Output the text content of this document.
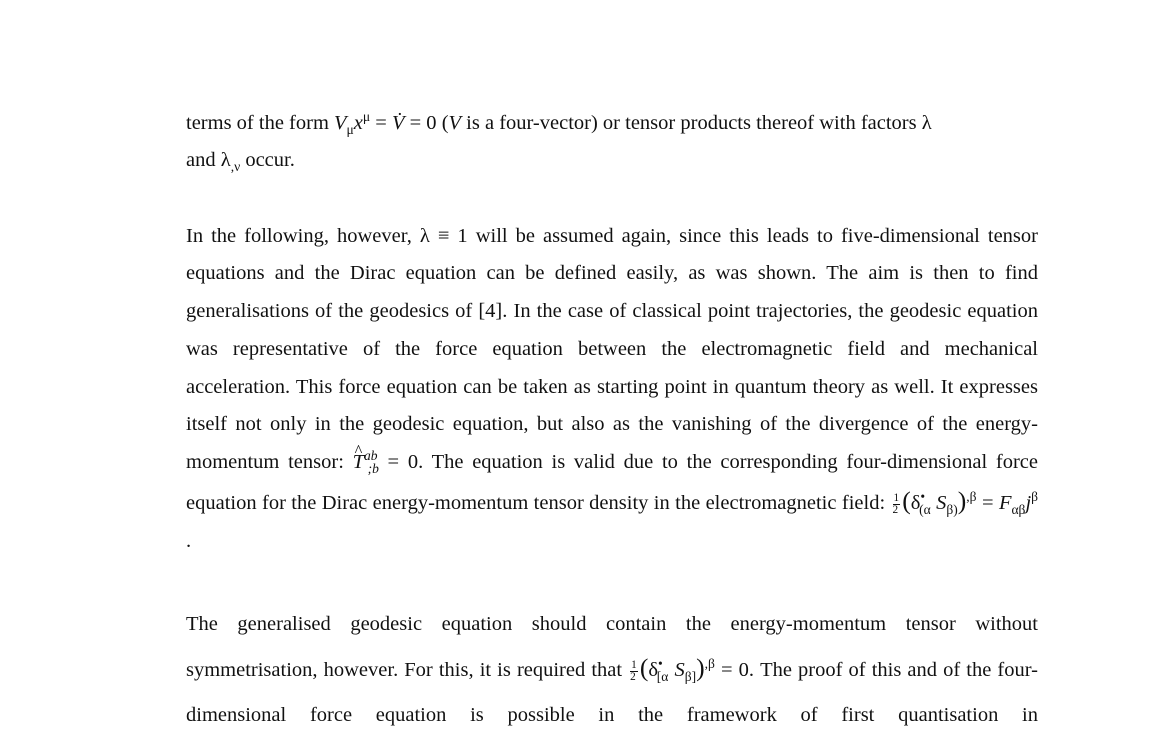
terms of the form $V_\mu x^\mu$ = V̇ = 0 (V is a four-vector) or tensor products thereof with factors λ
and $\lambda_{,\nu}$ occur.

In the following, however, λ ≡ 1 will be assumed again, since this leads to five-dimensional tensor equations and the Dirac equation can be defined easily, as was shown. The aim is then to find generalisations of the geodesics of [4]. In the case of classical point trajectories, the geodesic equation was representative of the force equation between the electromagnetic field and mechanical acceleration. This force equation can be taken as starting point in quantum theory as well. It expresses itself not only in the geodesic equation, but also as the vanishing of the divergence of the energy-momentum tensor: ^ $T^{ab}_{;b} = 0$. The equation is valid due to the corresponding four-dimensional force equation for the Dirac energy-momentum tensor density in the electromagnetic field: $\frac{1}{2} (\delta^•_{(\alpha}$ $S_{\beta)})^{,\beta} = F_{\alpha\beta}j^\beta$ .

The generalised geodesic equation should contain the energy-momentum tensor without symmetrisation, however. For this, it is required that $\frac{1}{2} (\delta^•_{[\alpha}$ $S_{\beta]})^{,\beta} = 0$. The proof of this and of the four-dimensional force equation is possible in the framework of first quantisation in
